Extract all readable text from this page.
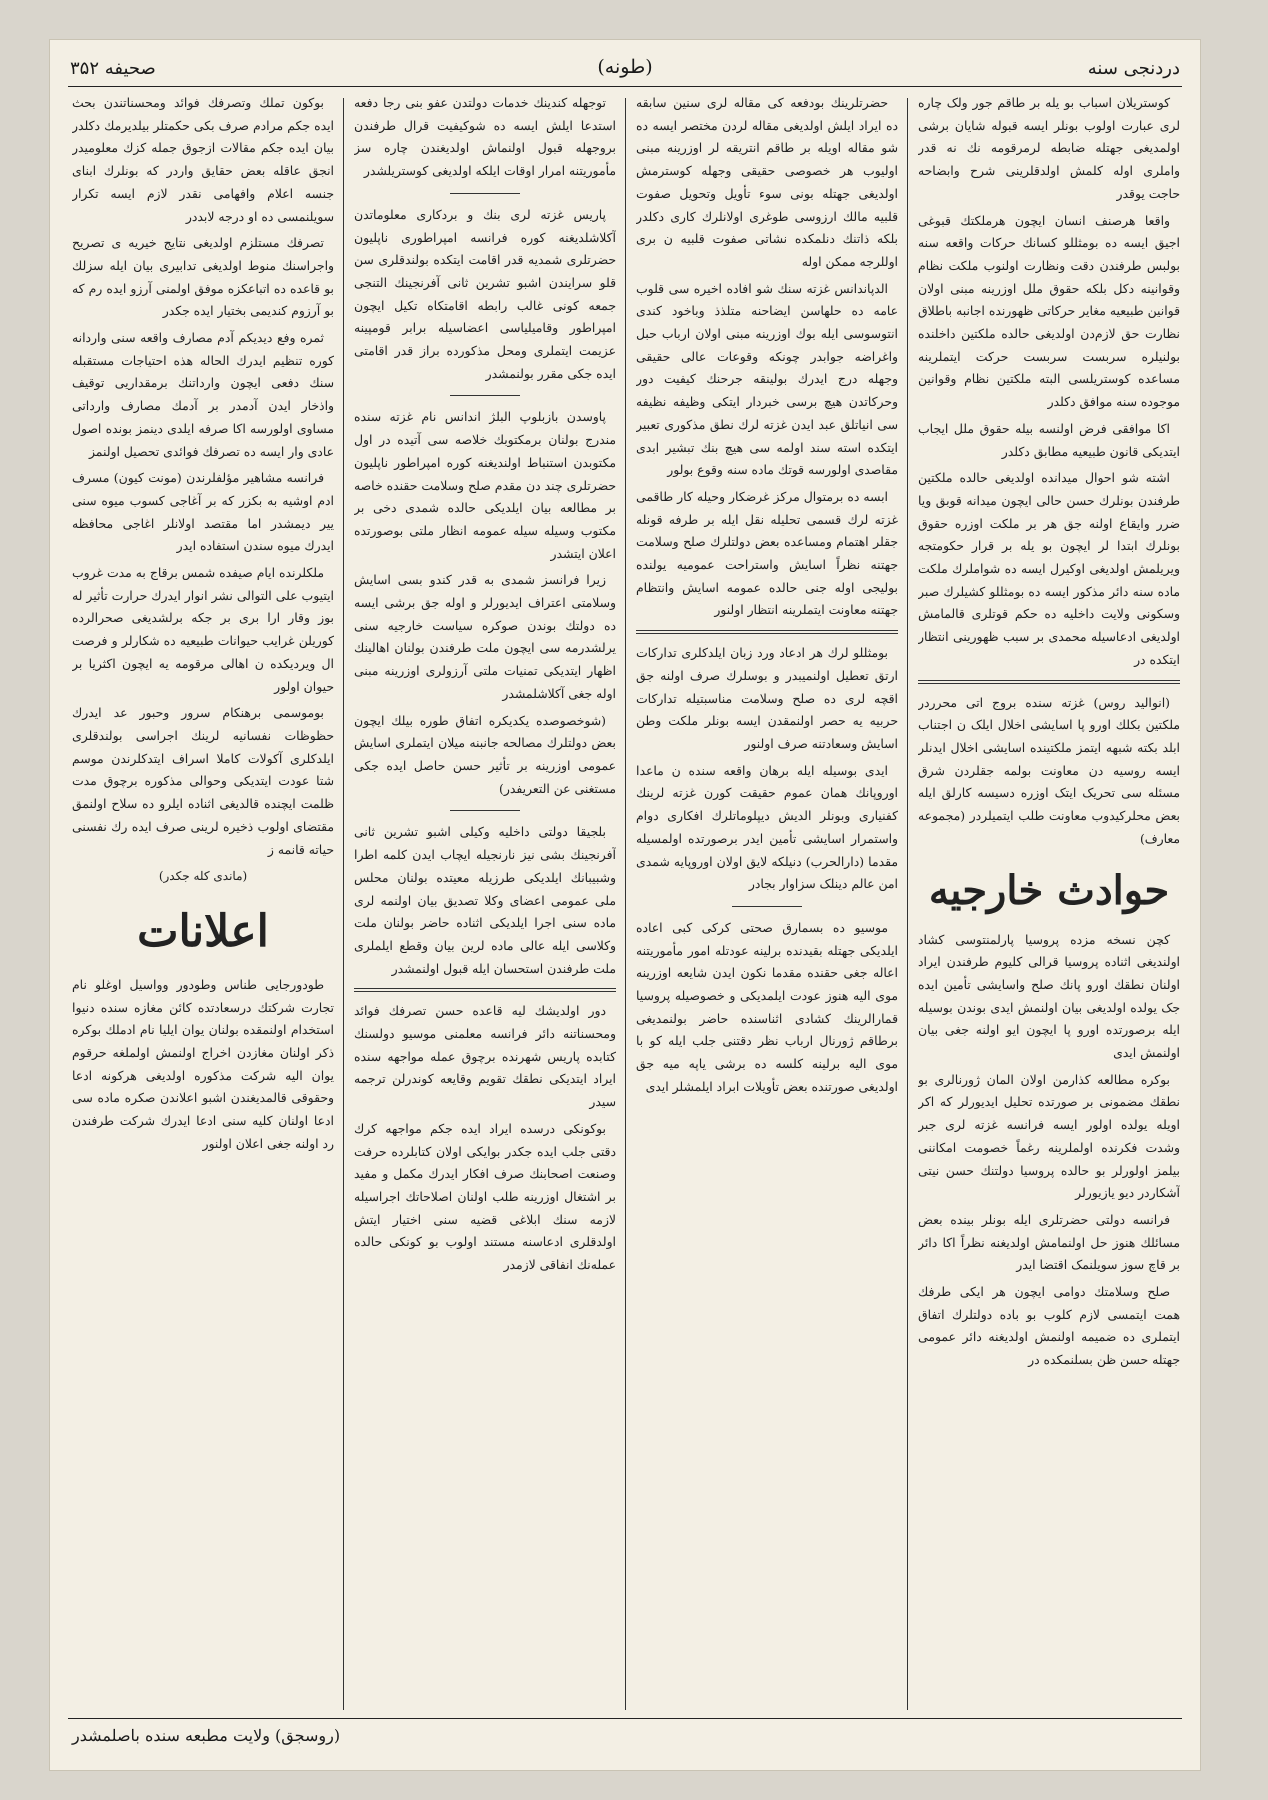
دردنجی سنه
(طونه)
صحیفه ۳۵۲

کوستریلان اسباب بو یله بر طاقم جور ولک چاره لری عبارت اولوب بونلر ایسه قبوله شایان برشی اولمدیغی جهتله ضابطه لرمرقومه نك نه قدر واملری اوله کلمش اولدقلرینی شرح وابضاحه حاجت یوقدر

واقعا هرصنف انسان ایچون هرملکتك قبوغی اجیق ایسه ده بومثللو کسانك حرکات واقعه سنه بولبس طرفندن دقت ونظارت اولنوب ملکت نظام وقوانینه دکل بلکه حقوق ملل اوزرینه مبنی اولان قوانین طبیعیه مغایر حرکاتی ظهورنده اجانبه باطلاق نظارت حق لازم‌دن اولدیغی حالده ملکتین داخلنده بولنیلره سربست سربست حرکت ایتملرینه مساعده کوستریلسی البته ملکتین نظام وقوانین موجوده سنه موافق دکلدر

اکا موافقی فرض اولنسه بیله حقوق ملل ایجاب ایتدیکی قانون طبیعیه مطابق دکلدر

اشته شو احوال میدانده اولدیغی حالده ملکتین طرفندن بونلرك حسن حالی ایچون میدانه قوبق ویا ضرر وایقاع اولنه جق هر بر ملکت اوزره حقوق بونلرك ابتدا لر ایچون بو یله بر قرار حکومتجه ویریلمش اولدیغی اوکیرل ایسه ده شواملرك ملکت ماده سنه دائر مذکور ایسه ده بومثللو کشیلرك صبر وسکونی ولایت داخلیه ده حکم قوتلری قالمامش اولدیغی ادعاسیله محمدی بر سبب ظهورینی انتظار ایتکده در

(انوالید روس) غزته سنده بروج اتی محرردر ملکتین بکلك اورو پا اسایشی اخلال ایلک ن اجتناب ابلد بکته شبهه ایتمز ملکتینده اسایشی اخلال ایدنلر ایسه روسیه دن معاونت بولمه جقلردن شرق مسئله سی تحریک ایتک اوزره دسیسه کارلق ایله بعض محلرکیدوب معاونت طلب ایتمیلردر (مجموعه معارف)

حوادث خارجیه

کچن نسخه مزده پروسیا پارلمنتوسی کشاد اولندیغی اثناده پروسیا قرالی کلیوم طرفندن ایراد اولنان نطقك اورو پانك صلح واسایشی تأمین ایده جک یولده اولدیغی بیان اولنمش ایدی بوندن بوسیله ایله برصورتده اورو پا ایچون ایو اولنه جغی بیان اولنمش ایدی

بوکره مطالعه کذارمن اولان المان ژورنالری بو نطقك مضمونی بر صورتده تحلیل ایدیورلر که اکر اویله یولده اولور ایسه فرانسه غزته لری جبر وشدت فکرنده اولملرینه رغماً خصومت امکاننی بیلمز اولورلر بو حالده پروسیا دولتنك حسن نیتی آشکاردر دیو یازیورلر

فرانسه دولتی حضرتلری ایله بونلر بینده بعض مسائلك هنوز حل اولنمامش اولدیغنه نظراً اکا دائر بر قاچ سوز سویلنمک اقتضا ایدر

صلح وسلامتك دوامی ایچون هر ایکی طرفك همت ایتمسی لازم کلوب بو باده دولتلرك اتفاق ایتملری ده ضمیمه اولنمش اولدیغنه دائر عمومی جهتله حسن ظن بسلنمکده در

حضرتلرینك بودفعه کی مقاله لری سنین سابقه ده ایراد ایلش اولدیغی مقاله لردن مختصر ایسه ده شو مقاله اویله بر طاقم انتریقه لر اوزرینه مبنی اولیوب هر خصوصی حقیقی وجهله کوسترمش اولدیغی جهتله بونی سوء تأویل وتحویل صفوت قلبیه مالك ارزوسی طوغری اولانلرك کاری دکلدر بلکه ذاتنك دنلمکده نشاتی صفوت قلبیه ن بری اوللرجه ممکن اوله

الدپاندانس غزته سنك شو افاده اخیره سی قلوب عامه ده حلهاسن ایضاحنه متلذذ وباخود کندی انتوسوسی ایله بوك اوزرینه مبنی اولان ارباب حبل واغراضه جوابدر چونکه وقوعات عالی حقیقی وجهله درج ایدرك بولینقه جرحنك کیفیت دور وحرکاتدن هیچ برسی خبردار ایتکی وظیفه نظیفه سی انیاتلق عبد ایدن غزته لرك نطق مذکوری تعبیر ایتکده استه سند اولمه سی هیچ بنك تبشیر ابدی مقاصدی اولورسه قوتك ماده سنه وقوع بولور

ابسه ده برمتوال مرکز غرضکار وحیله کار طاقمی غزته لرك قسمی تحلیله نقل ایله بر طرفه قونله جقلر اهتمام ومساعده بعض دولتلرك صلح وسلامت جهتنه نظراً اسایش واستراحت عمومیه یولنده بولیجی اوله جنی حالده عمومه اسایش وانتظام جهتنه معاونت ایتملرینه انتظار اولنور

بومثللو لرك هر ادعاد ورد زبان ایلدکلری تدارکات ارتق تعطیل اولنمیبدر و بوسلرك صرف اولنه جق اقچه لری ده صلح وسلامت مناسبتیله تدارکات حربیه یه حصر اولنمقدن ایسه بونلر ملکت وطن اسایش وسعادتنه صرف اولنور

ایدی بوسیله ایله برهان واقعه سنده ن ماعدا اوروپانك همان عموم حقیقت کورن غزته لرینك کفنیاری وبونلر الدیش دیپلوماتلرك افکاری دوام واستمرار اسایشی تأمین ایدر برصورتده اولمسیله مقدما (دارالحرب) دنیلکه لایق اولان اوروپایه شمدی امن عالم دینلک سزاوار بجادر

موسیو ده بسمارق صحتی کرکی کبی اعاده ایلدیکی جهتله بقیدنده برلینه عودتله امور مأموریتنه اعاله جغی حقنده مقدما نکون ایدن شایعه اوزرینه موی الیه هنوز عودت ایلمدیکی و خصوصیله پروسیا قمارالرینك کشادی اثناسنده حاضر بولنمدیغی برطاقم ژورنال ارباب نظر دقتنی جلب ایله کو با موی الیه برلینه کلسه ده برشی یاپه میه جق اولدیغی صورتنده بعض تأویلات ابراد ایلمشلر ایدی

توجهله کندینك خدمات دولتدن عفو بنی رجا دفعه استدعا ایلش ایسه ده شوکیفیت قرال طرفندن بروجهله قبول اولنماش اولدیغندن چاره سز مأموریتنه امرار اوقات ایلکه اولدیغی کوستریلشدر

پاریس غزته لری بنك و بردکاری معلوماتدن آکلاشلدیغنه کوره فرانسه امپراطوری ناپلیون حضرتلری شمدیه قدر اقامت ایتکده بولندقلری سن قلو سرایندن اشبو تشرین ثانی آفرنجینك التنجی جمعه کونی غالب رابطه اقامتکاه تکیل ایچون امپراطور وقامیلیاسی اعضاسیله برابر قومپینه عزیمت ایتملری ومحل مذکورده براز قدر اقامتی ایده جکی مقرر بولنمشدر

پاوسدن بازبلوپ البلژ اندانس نام غزته سنده مندرج بولنان برمکتوبك خلاصه سی آتیده در اول مکتوبدن استنباط اولندیغنه کوره امپراطور ناپلیون حضرتلری چند دن مقدم صلح وسلامت حقنده خاصه بر مطالعه بیان ایلدیکی حالده شمدی دخی بر مکتوب وسیله سیله عمومه انظار ملتی بوصورتده اعلان ایتشدر

زیرا فرانسز شمدی به قدر کندو بسی اسایش وسلامتی اعتراف ایدیورلر و اوله جق برشی ایسه ده دولتك بوندن صوکره سیاست خارجیه سنی یرلشدرمه سی ایچون ملت طرفندن بولنان اهالینك اظهار ایتدیکی تمنیات ملتی آرزولری اوزرینه مبنی اوله جغی آکلاشلمشدر

(شوخصوصده یکدیکره اتفاق طوره بیلك ایچون بعض دولتلرك مصالحه جانبنه میلان ایتملری اسایش عمومی اوزرینه بر تأثیر حسن حاصل ایده جکی مستغنی عن التعریفدر)

بلجیقا دولتی داخلیه وکیلی اشبو تشرین ثانی آفرنجینك بشی نیز نارنجیله ایچاب ایدن کلمه اطرا وشبیبانك ایلدیکی طرزیله معیتده بولنان محلس ملی عمومی اعضای وکلا تصدیق بیان اولنمه لری ماده سنی اجرا ایلدیکی اثناده حاضر بولنان ملت وکلاسی ایله عالی ماده لرین بیان وقطع ایلملری ملت طرفندن استحسان ایله قبول اولنمشدر

دور اولدیشك لیه قاعده حسن تصرفك فوائد ومحسناتنه دائر فرانسه معلمنی موسیو دولسنك کتابده پاریس شهرنده برچوق عمله مواجهه سنده ایراد ایتدیکی نطقك تقویم وقایعه کوندرلن ترجمه سیدر

بوکونکی درسده ایراد ایده جکم مواجهه کرك دقتی جلب ایده جکدر بوایکی اولان کتابلرده حرفت وصنعت اصحابنك صرف افکار ایدرك مکمل و مفید بر اشتغال اوزرینه طلب اولنان اصلاحاتك اجراسیله لازمه سنك ابلاغی قضیه سنی اختیار ایتش اولدقلری ادعاسنه مستند اولوب بو کونکی حالده عمله‌نك انفاقی لازمدر

بوکون تملك وتصرفك فوائد ومحسناتندن بحث ایده جکم مرادم صرف بکی حکمتلر بیلدیرمك دکلدر بیان ایده جکم مقالات ازجوق جمله کزك معلومیدر انجق عاقله بعض حقایق واردر که بونلرك ابنای جنسه اعلام وافهامی نقدر لازم ایسه تکرار سویلنمسی ده او درجه لابددر

تصرفك مستلزم اولدیغی نتایج خیریه ی تصریح واجراسنك منوط اولدیغی تدابیری بیان ایله سزلك بو قاعده ده اتباعکزه موفق اولمنی آرزو ایده رم که بو آرزوم کندیمی بختیار ایده جکدر

ثمره وفع دیدیکم آدم مصارف واقعه سنی واردانه کوره تنظیم ایدرك الحاله هذه احتیاجات مستقبله سنك دفعی ایچون وارداتنك برمقداریی توقیف واذخار ایدن آدمدر بر آدمك مصارف وارداتی مساوی اولورسه اکا صرفه ایلدی دینمز بونده اصول عادی وار ایسه ده تصرفك فوائدی تحصیل اولنمز

فرانسه مشاهیر مؤلفلرندن (مونت کیون) مسرف ادم اوشیه به بکزر که بر آغاجی کسوب میوه سنی ییر دیمشدر اما مقتصد اولانلر اغاجی محافظه ایدرك میوه سندن استفاده ایدر

ملکلرنده ایام صیفده شمس برقاج به مدت غروب ایتیوب علی التوالی نشر انوار ایدرك حرارت تأثیر له بوز وقار ارا بری بر جکه برلشدیغی صحرالرده کوریلن غرایب حیوانات طبیعیه ده شکارلر و فرصت ال ویردیکده ن اهالی مرقومه یه ایچون اکثریا بر حیوان اولور

بوموسمی برهنکام سرور وحبور عد ایدرك حظوظات نفسانیه لرینك اجراسی بولندقلری ایلدکلری آکولات کاملا اسراف ایتدکلرندن موسم شتا عودت ایتدیکی وحوالی مذکوره برچوق مدت ظلمت ایچنده قالدیغی اثناده ایلرو ده سلاح اولنمق مقتضای اولوب ذخیره لرینی صرف ایده رك نفسنی حیاته قانمه ز

(ماندی کله جکدر)
اعلانات

طودورجایی طناس وطودور وواسیل اوغلو نام تجارت شرکتك درسعادتده کائن مغازه سنده دنیوا استخدام اولنمقده بولنان یوان ایلیا نام ادملك بوکره ذکر اولنان مغازدن اخراج اولنمش اولملغه حرقوم یوان الیه شرکت مذکوره اولدیغی هرکونه ادعا وحقوقی قالمدیغندن اشبو اعلاندن صکره ماده سی ادعا اولنان کلیه سنی ادعا ایدرك شرکت طرفندن رد اولنه جغی اعلان اولنور

(روسجق) ولایت مطبعه سنده باصلمشدر
